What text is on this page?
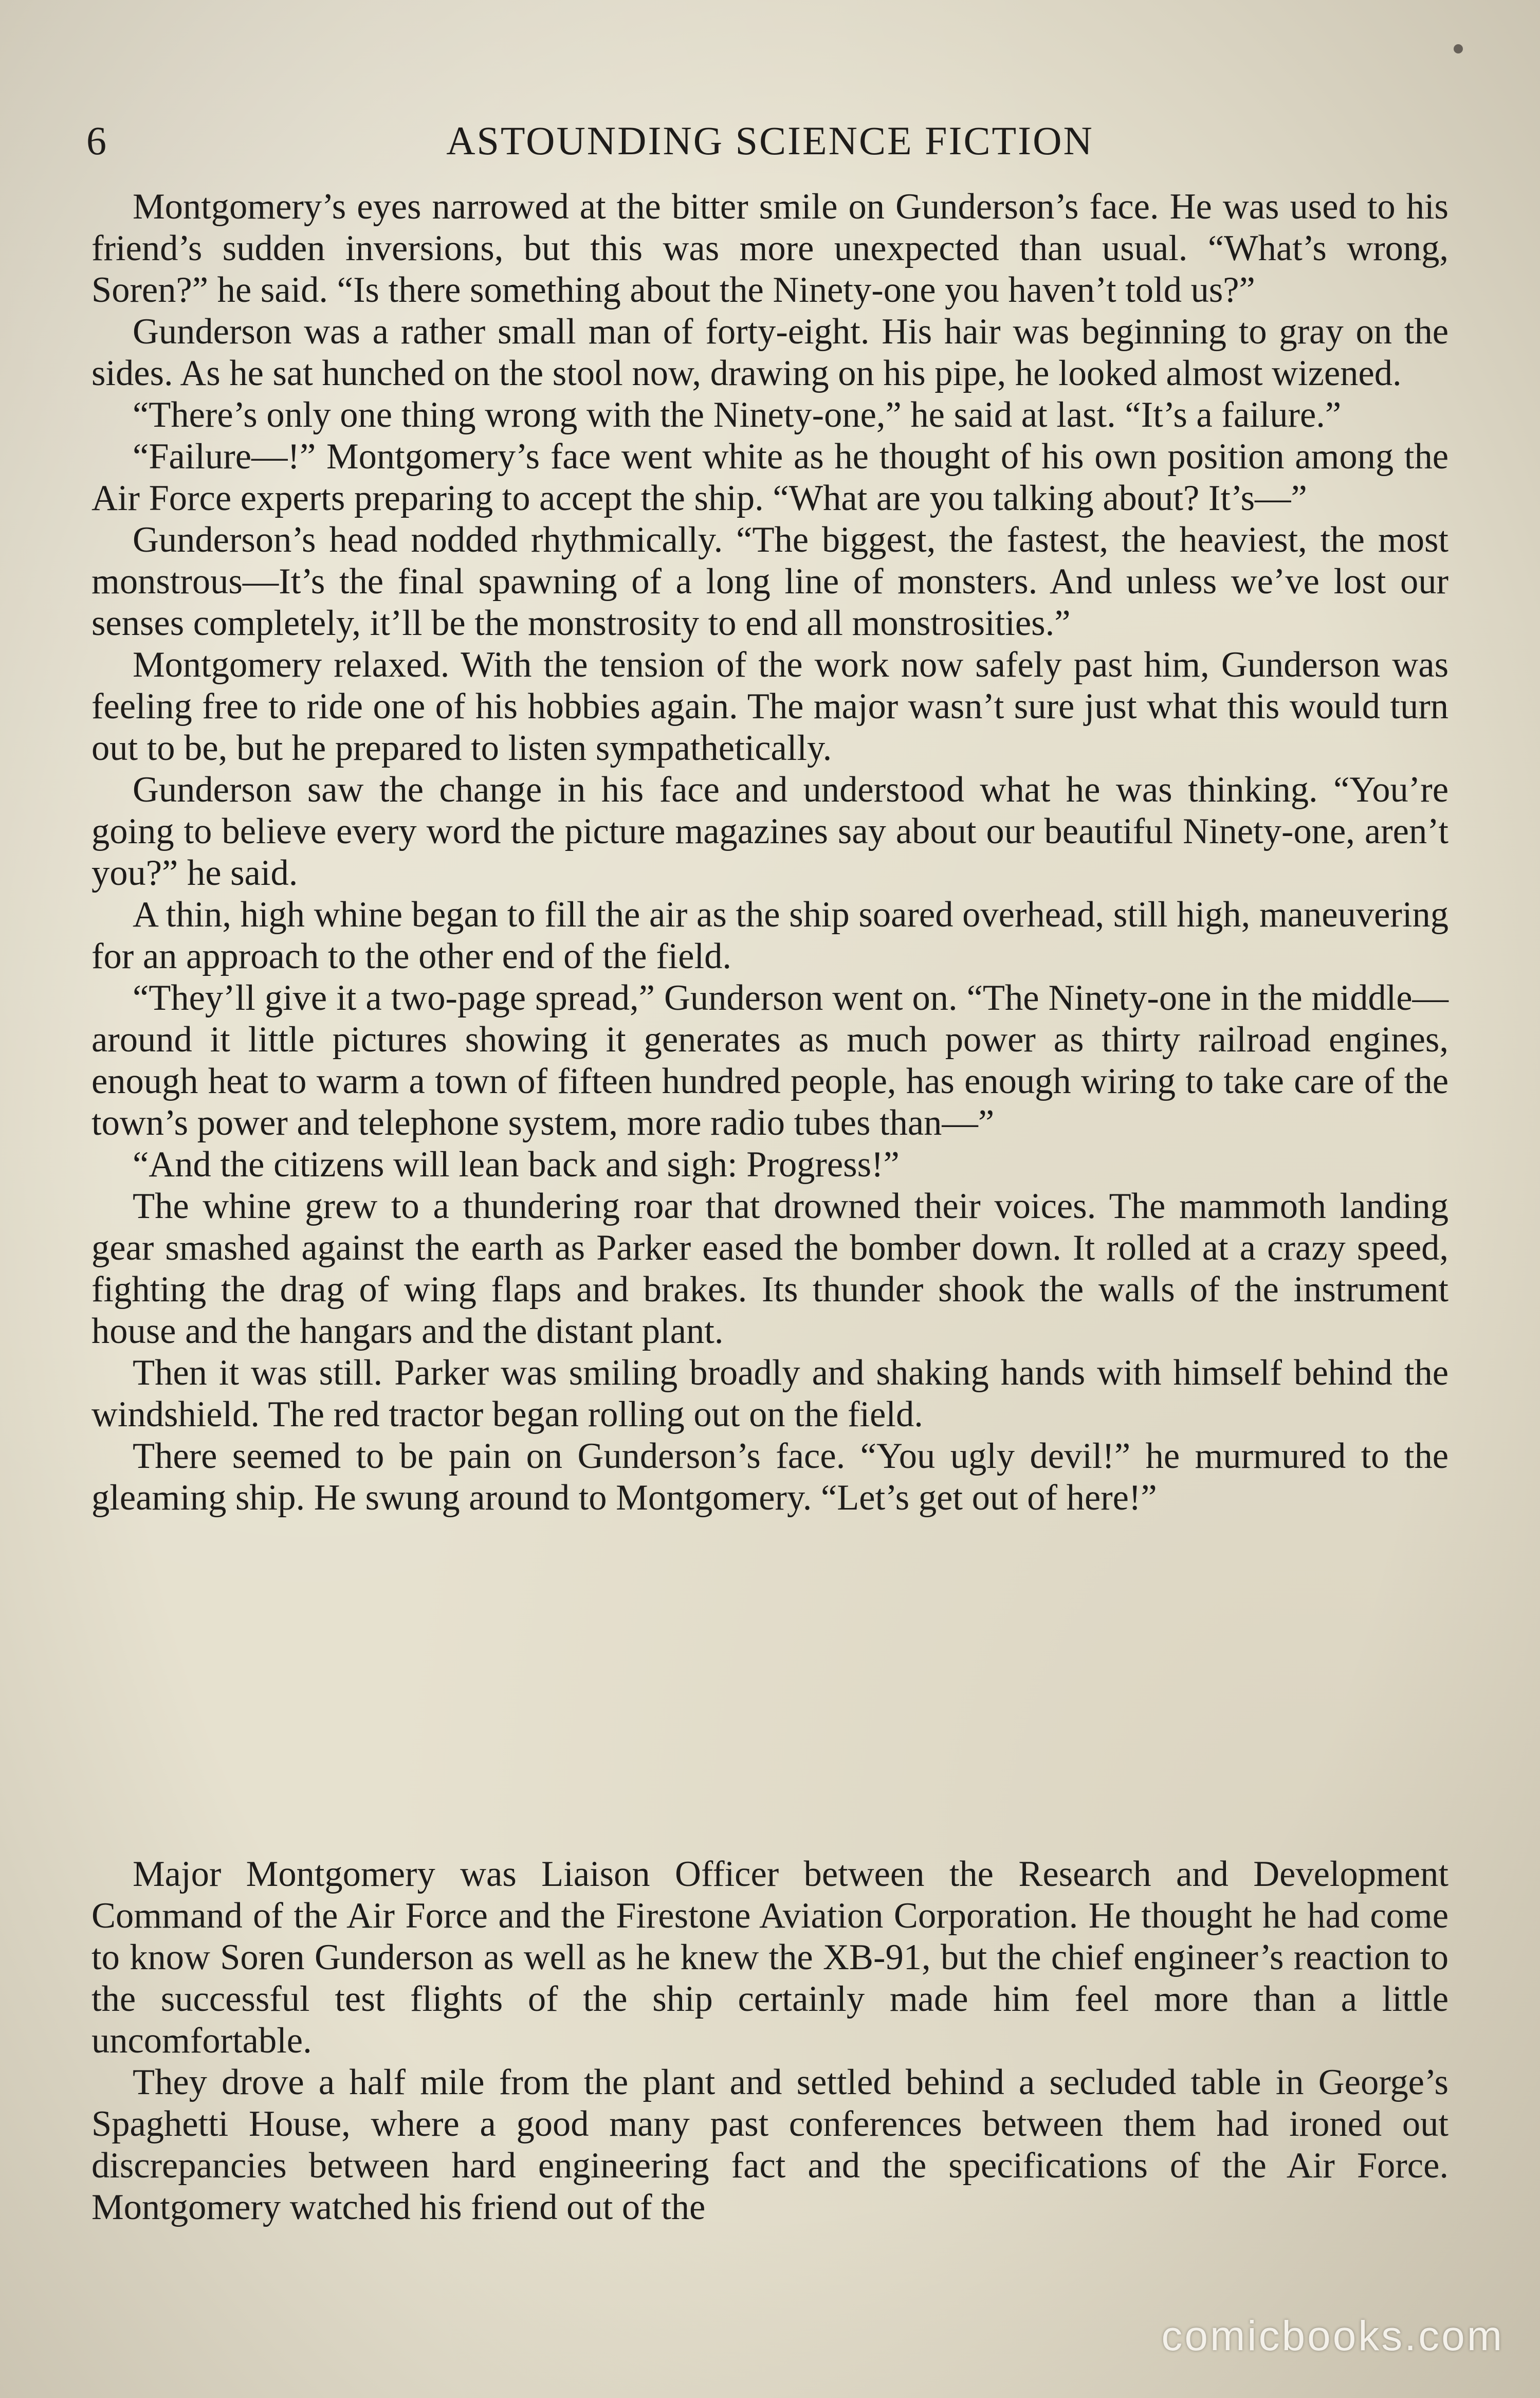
6	ASTOUNDING SCIENCE FICTION

Montgomery’s eyes narrowed at the bitter smile on Gunderson’s face. He was used to his friend’s sudden inversions, but this was more unexpected than usual. “What’s wrong, Soren?” he said. “Is there something about the Ninety-one you haven’t told us?”

Gunderson was a rather small man of forty-eight. His hair was beginning to gray on the sides. As he sat hunched on the stool now, drawing on his pipe, he looked almost wizened.

“There’s only one thing wrong with the Ninety-one,” he said at last. “It’s a failure.”

“Failure—!” Montgomery’s face went white as he thought of his own position among the Air Force experts preparing to accept the ship. “What are you talking about? It’s—”

Gunderson’s head nodded rhythmically. “The biggest, the fastest, the heaviest, the most monstrous—It’s the final spawning of a long line of monsters. And unless we’ve lost our senses completely, it’ll be the monstrosity to end all monstrosities.”

Montgomery relaxed. With the tension of the work now safely past him, Gunderson was feeling free to ride one of his hobbies again. The major wasn’t sure just what this would turn out to be, but he prepared to listen sympathetically.

Gunderson saw the change in his face and understood what he was thinking. “You’re going to believe every word the picture magazines say about our beautiful Ninety-one, aren’t you?” he said.

A thin, high whine began to fill the air as the ship soared overhead, still high, maneuvering for an approach to the other end of the field.

“They’ll give it a two-page spread,” Gunderson went on. “The Ninety-one in the middle—around it little pictures showing it generates as much power as thirty railroad engines, enough heat to warm a town of fifteen hundred people, has enough wiring to take care of the town’s power and telephone system, more radio tubes than—”

“And the citizens will lean back and sigh: Progress!”

The whine grew to a thundering roar that drowned their voices. The mammoth landing gear smashed against the earth as Parker eased the bomber down. It rolled at a crazy speed, fighting the drag of wing flaps and brakes. Its thunder shook the walls of the instrument house and the hangars and the distant plant.

Then it was still. Parker was smiling broadly and shaking hands with himself behind the windshield. The red tractor began rolling out on the field.

There seemed to be pain on Gunderson’s face. “You ugly devil!” he murmured to the gleaming ship. He swung around to Montgomery. “Let’s get out of here!”

Major Montgomery was Liaison Officer between the Research and Development Command of the Air Force and the Firestone Aviation Corporation. He thought he had come to know Soren Gunderson as well as he knew the XB-91, but the chief engineer’s reaction to the successful test flights of the ship certainly made him feel more than a little uncomfortable.

They drove a half mile from the plant and settled behind a secluded table in George’s Spaghetti House, where a good many past conferences between them had ironed out discrepancies between hard engineering fact and the specifications of the Air Force. Montgomery watched his friend out of the

comicbooks.com
